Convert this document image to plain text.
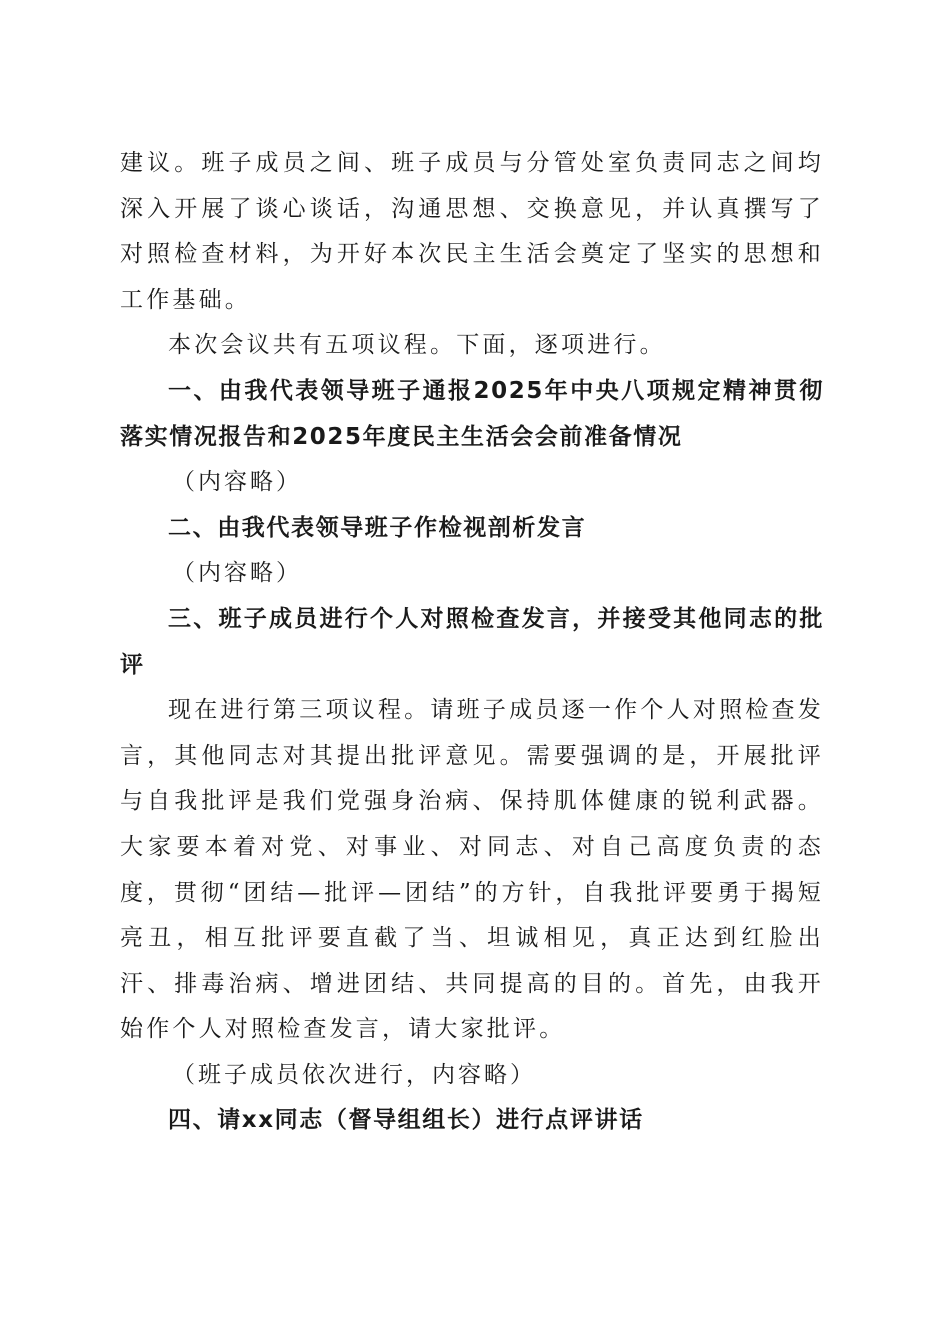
建议。班子成员之间、班子成员与分管处室负责同志之间均深入开展了谈心谈话，沟通思想、交换意见，并认真撰写了对照检查材料，为开好本次民主生活会奠定了坚实的思想和工作基础。

本次会议共有五项议程。下面，逐项进行。

一、由我代表领导班子通报2025年中央八项规定精神贯彻落实情况报告和2025年度民主生活会会前准备情况

（内容略）

二、由我代表领导班子作检视剖析发言

（内容略）

三、班子成员进行个人对照检查发言，并接受其他同志的批评

现在进行第三项议程。请班子成员逐一作个人对照检查发言，其他同志对其提出批评意见。需要强调的是，开展批评与自我批评是我们党强身治病、保持肌体健康的锐利武器。大家要本着对党、对事业、对同志、对自己高度负责的态度，贯彻“团结—批评—团结”的方针，自我批评要勇于揭短亮丑，相互批评要直截了当、坦诚相见，真正达到红脸出汗、排毒治病、增进团结、共同提高的目的。首先，由我开始作个人对照检查发言，请大家批评。

（班子成员依次进行，内容略）

四、请xx同志（督导组组长）进行点评讲话
